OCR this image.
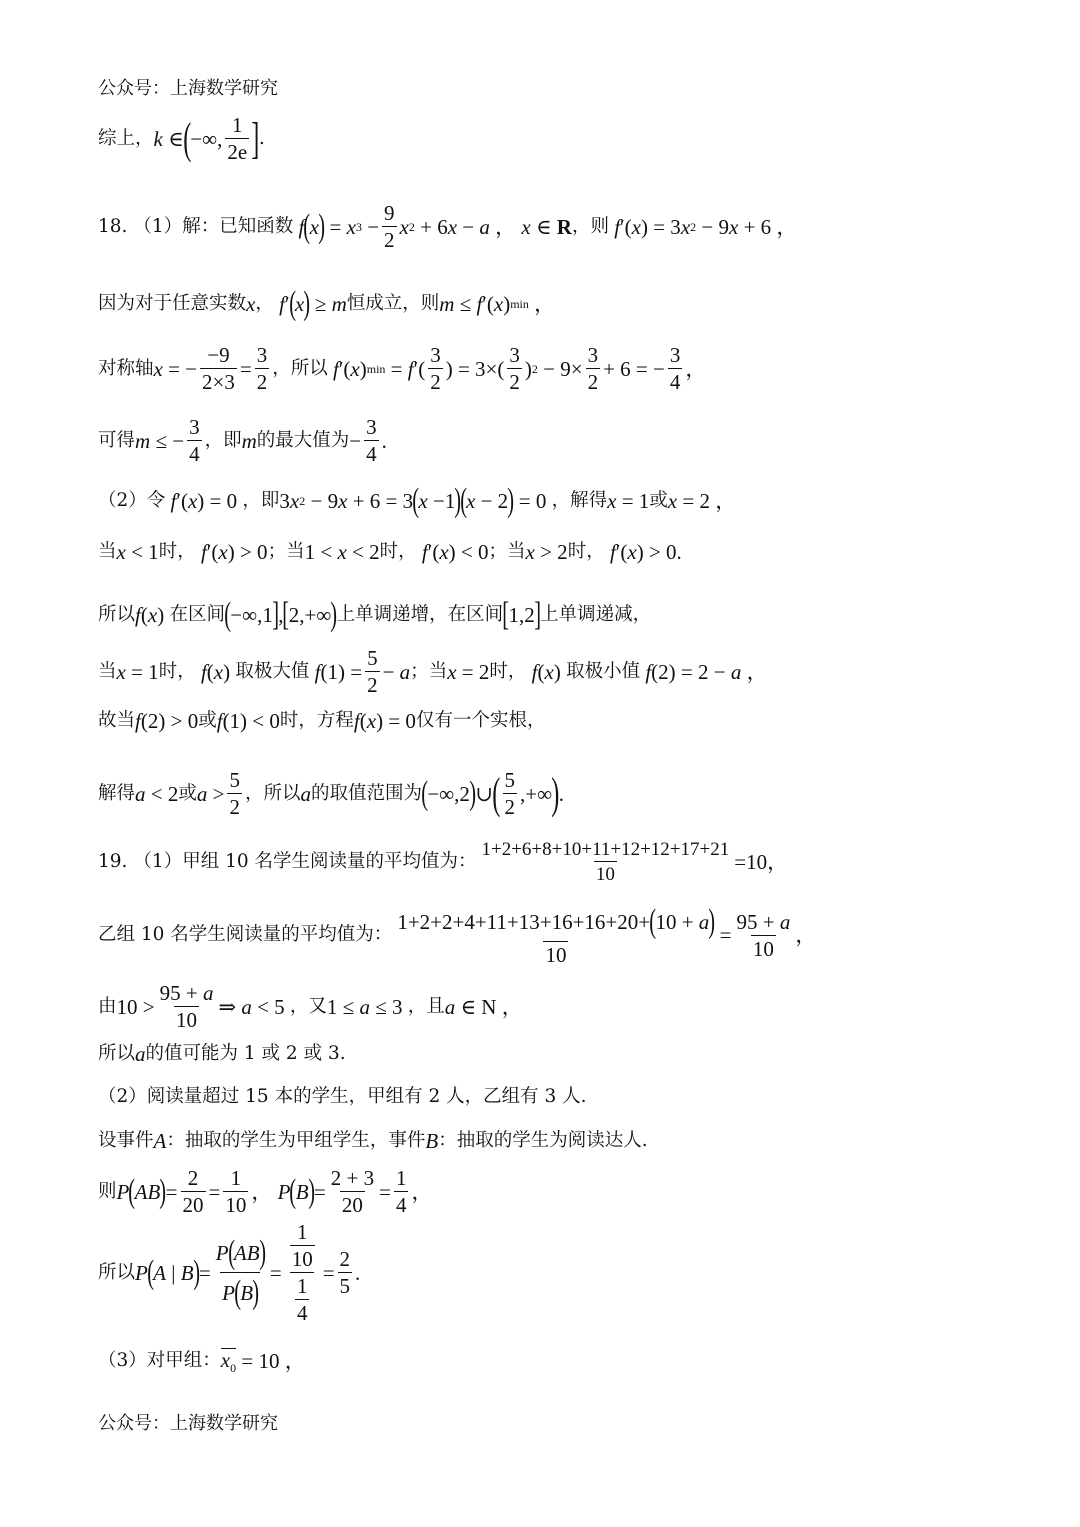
公众号：上海数学研究
综上， k ∈ ( −∞, $\frac{1}{2e}$ ] .
18. （1）解：已知函数
f ( x ) = x $3 - \frac{9}{2}$ x 2 + 6 x − a ， x ∈ R ，则
f ′( x ) = 3 x 2 − 9 x + 6 ，
因为对于任意实数 x ，
f ′ ( x ) ≥ m 恒成立，则 m ≤ f ′( x ) min ，
对称轴 x = − $\frac{-9}{2\times 3} = \frac{3}{2}$ ，所以
f ′( x ) min = f ′( $\frac{3}{2}$ ) = $3\times( \frac{3}{2}$ ) $2 - 9\times \frac{3}{2} + 6$ = − $\frac{3}{4}$ ，
可得 m ≤ − $\frac{3}{4}$ ，即 m 的最大值为 − $\frac{3}{4}$ .
（2）令
f ′( x ) = 0 ，即 3 x 2 − 9 x + 6 = 3 ( x −1 )
( x − 2 ) = 0 ，解得 x = 1 或 x = 2 ，
当 x < 1 时，
f ′( x ) > 0 ； 当 1 < x < 2 时，
f ′( x ) < 0 ； 当 x > 2 时，
f ′( x ) > 0.
所以 f ( x ) 在区间 ( −∞,1 ] , [ 2,+∞ ) 上单调递增，在区间 [ 1,2 ] 上单调递减，
当 x = 1 时，
f ( x ) 取极大值
f $(1) = \frac{5}{2} - a$ ； 当 x = 2 时，
f ( x ) 取极小值
f (2) = 2 − a ，
故当 f (2) > 0 或 f (1) < 0 时，方程 f ( x ) = 0 仅有一个实根，
解得 a < 2 或 $a > \frac{5}{2}$ ，所以 a 的取值范围为 ( −∞,2 ) ∪ ( $\frac{5}{2}$ ,+∞ ) .
19. （1）甲组 10 名学生阅读量的平均值为： $\frac{1+2+6+8+10+11+12+12+17+21}{10} =10$，
乙组 10 名学生阅读量的平均值为： $\frac{1+2+2+4+11+13+16+16+20+ ( 10 + a )}{10} = \frac{95 + a}{10}$ ，
由 $10 > \frac{95 + a}{10}$ ⇒ a < 5 ，又 1 ≤ a ≤ 3 ，且 a ∈ N ，
所以 a 的值可能为 1 或 2 或 3.
（2）阅读量超过 15 本的学生，甲组有 2 人，乙组有 3 人.
设事件 A ：抽取的学生为甲组学生，事件 B ：抽取的学生为阅读达人.
则 P ( AB ) = $\frac{2}{20} = \frac{1}{10}$ ， P ( B ) = $\frac{2 + 3}{20} = \frac{1}{4}$ ，
所以 P ( A | B ) = $\frac{P ( AB )}{P ( B )} = \frac{\frac{1}{10}}{\frac{1}{4}} = \frac{2}{5}$ .
（3）对甲组： $x_0 = 10$ ，
公众号：上海数学研究
